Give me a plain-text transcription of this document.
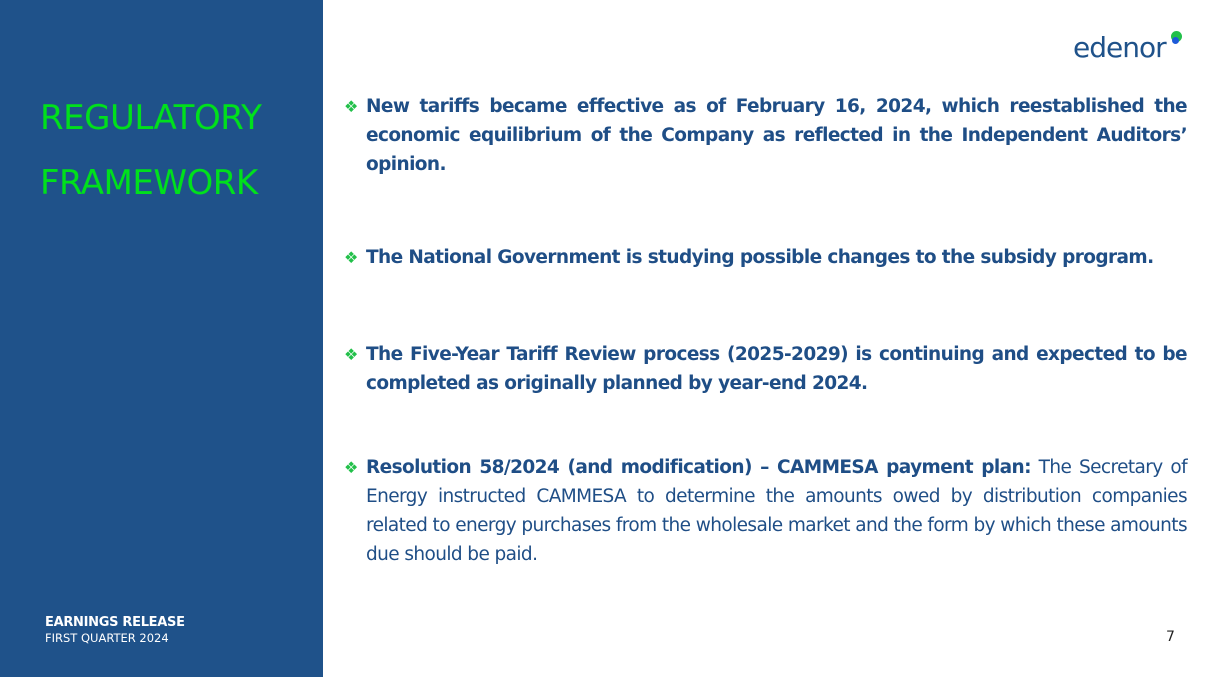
REGULATORY
FRAMEWORK
EARNINGS RELEASE
FIRST QUARTER 2024
edenor
❖ New tariffs became effective as of February 16, 2024, which reestablished the economic equilibrium of the Company as reflected in the Independent Auditors’ opinion.
❖ The National Government is studying possible changes to the subsidy program.
❖ The Five-Year Tariff Review process (2025-2029) is continuing and expected to be completed as originally planned by year-end 2024.
❖ Resolution 58/2024 (and modification) – CAMMESA payment plan: The Secretary of Energy instructed CAMMESA to determine the amounts owed by distribution companies related to energy purchases from the wholesale market and the form by which these amounts due should be paid.
7
